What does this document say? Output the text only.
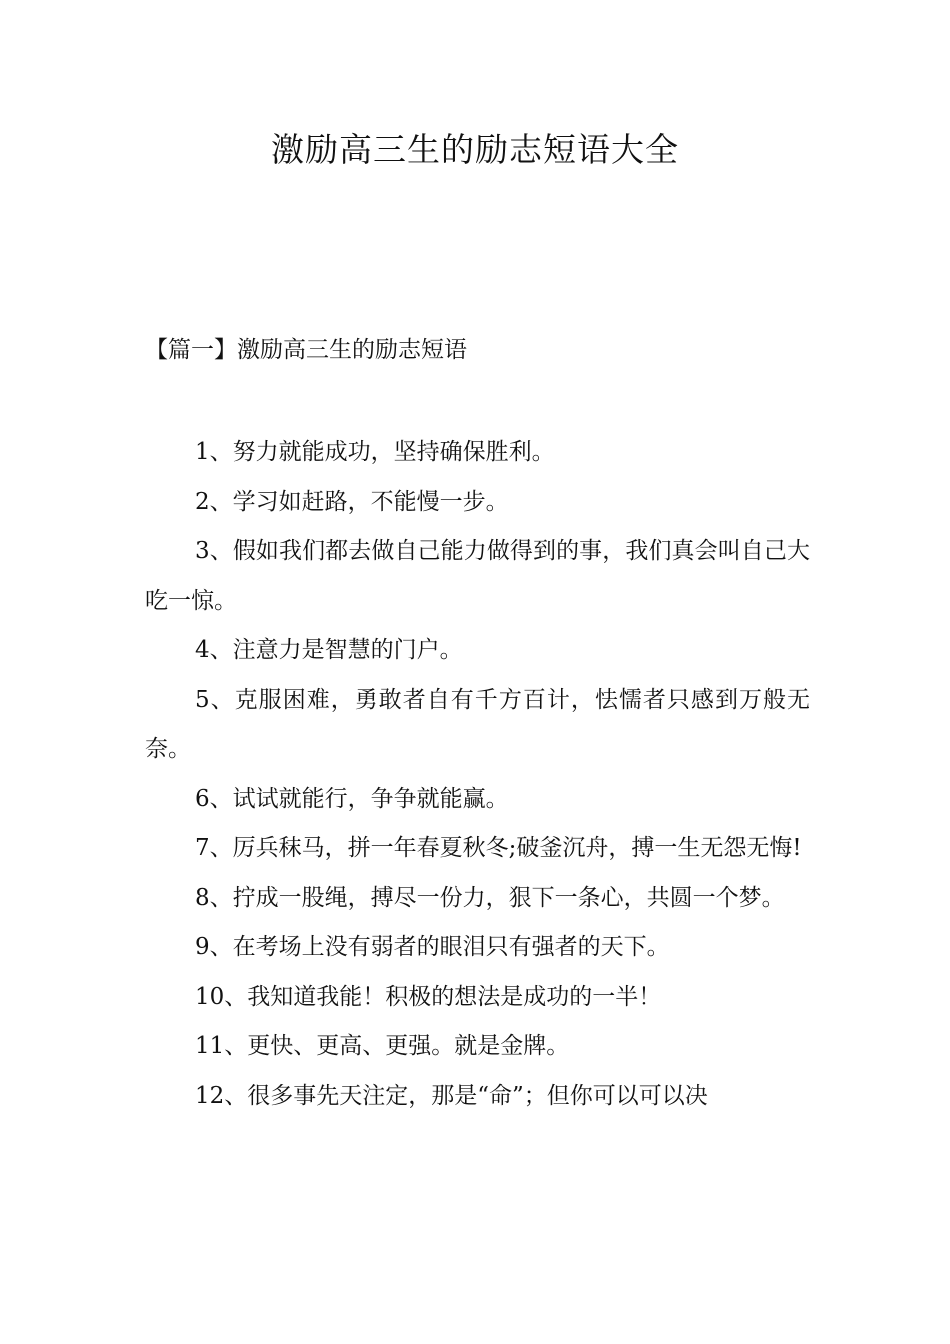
激励高三生的励志短语大全
【篇一】激励高三生的励志短语

1、努力就能成功，坚持确保胜利。

2、学习如赶路，不能慢一步。

3、假如我们都去做自己能力做得到的事，我们真会叫自己大吃一惊。

4、注意力是智慧的门户。

5、克服困难，勇敢者自有千方百计，怯懦者只感到万般无奈。

6、试试就能行，争争就能赢。

7、厉兵秣马，拼一年春夏秋冬;破釜沉舟，搏一生无怨无悔!

8、拧成一股绳，搏尽一份力，狠下一条心，共圆一个梦。

9、在考场上没有弱者的眼泪只有强者的天下。

10、我知道我能！积极的想法是成功的一半！

11、更快、更高、更强。就是金牌。

12、很多事先天注定，那是“命”；但你可以可以决
